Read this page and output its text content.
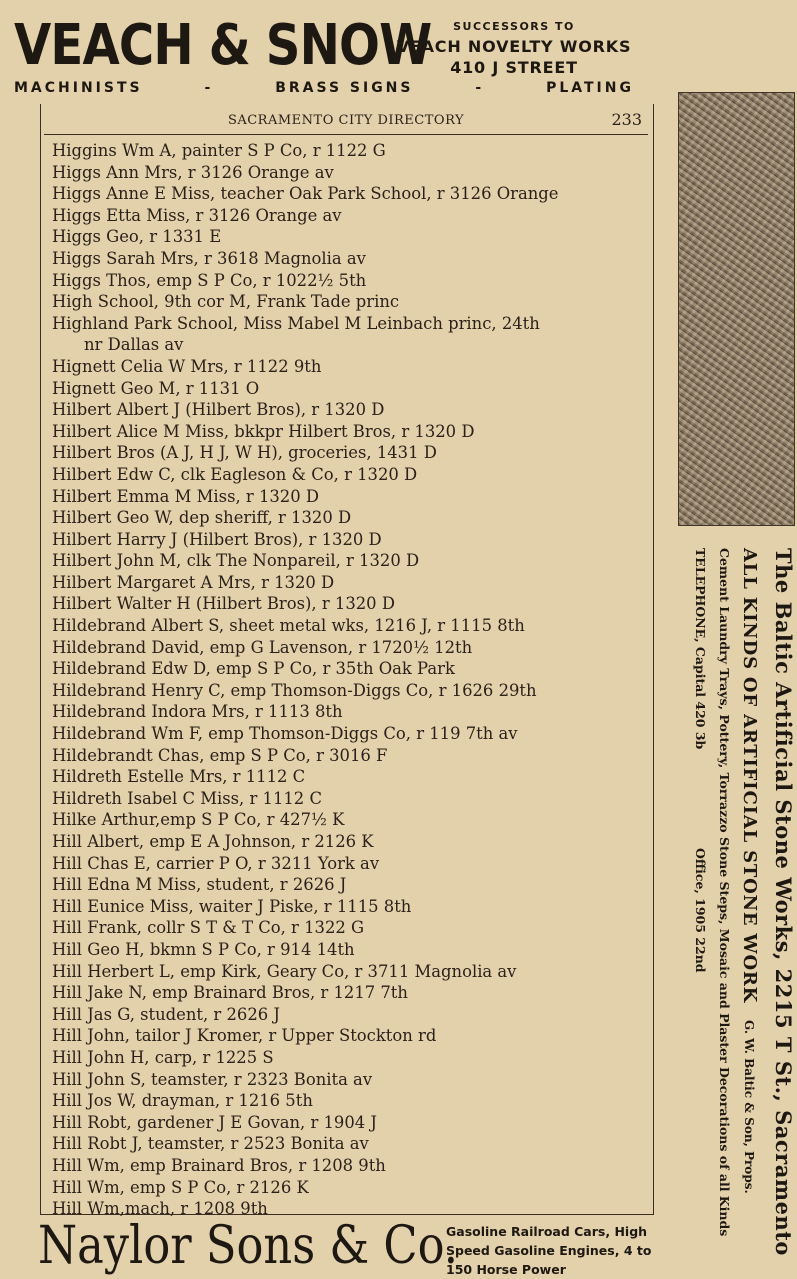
VEACH & SNOW	SUCCESSORS TO
VEACH NOVELTY WORKS
410 J STREET
MACHINISTS	-	BRASS SIGNS	-	PLATING
SACRAMENTO CITY DIRECTORY	233
Higgins Wm A, painter S P Co, r 1122 G
Higgs Ann Mrs, r 3126 Orange av
Higgs Anne E Miss, teacher Oak Park School, r 3126 Orange
Higgs Etta Miss, r 3126 Orange av
Higgs Geo, r 1331 E
Higgs Sarah Mrs, r 3618 Magnolia av
Higgs Thos, emp S P Co, r 1022½ 5th
High School, 9th cor M, Frank Tade princ
Highland Park School, Miss Mabel M Leinbach princ, 24th
nr Dallas av
Hignett Celia W Mrs, r 1122 9th
Hignett Geo M, r 1131 O
Hilbert Albert J (Hilbert Bros), r 1320 D
Hilbert Alice M Miss, bkkpr Hilbert Bros, r 1320 D
Hilbert Bros (A J, H J, W H), groceries, 1431 D
Hilbert Edw C, clk Eagleson & Co, r 1320 D
Hilbert Emma M Miss, r 1320 D
Hilbert Geo W, dep sheriff, r 1320 D
Hilbert Harry J (Hilbert Bros), r 1320 D
Hilbert John M, clk The Nonpareil, r 1320 D
Hilbert Margaret A Mrs, r 1320 D
Hilbert Walter H (Hilbert Bros), r 1320 D
Hildebrand Albert S, sheet metal wks, 1216 J, r 1115 8th
Hildebrand David, emp G Lavenson, r 1720½ 12th
Hildebrand Edw D, emp S P Co, r 35th Oak Park
Hildebrand Henry C, emp Thomson-Diggs Co, r 1626 29th
Hildebrand Indora Mrs, r 1113 8th
Hildebrand Wm F, emp Thomson-Diggs Co, r 119 7th av
Hildebrandt Chas, emp S P Co, r 3016 F
Hildreth Estelle Mrs, r 1112 C
Hildreth Isabel C Miss, r 1112 C
Hilke Arthur,emp S P Co, r 427½ K
Hill Albert, emp E A Johnson, r 2126 K
Hill Chas E, carrier P O, r 3211 York av
Hill Edna M Miss, student, r 2626 J
Hill Eunice Miss, waiter J Piske, r 1115 8th
Hill Frank, collr S T & T Co, r 1322 G
Hill Geo H, bkmn S P Co, r 914 14th
Hill Herbert L, emp Kirk, Geary Co, r 3711 Magnolia av
Hill Jake N, emp Brainard Bros, r 1217 7th
Hill Jas G, student, r 2626 J
Hill John, tailor J Kromer, r Upper Stockton rd
Hill John H, carp, r 1225 S
Hill John S, teamster, r 2323 Bonita av
Hill Jos W, drayman, r 1216 5th
Hill Robt, gardener J E Govan, r 1904 J
Hill Robt J, teamster, r 2523 Bonita av
Hill Wm, emp Brainard Bros, r 1208 9th
Hill Wm, emp S P Co, r 2126 K
Hill Wm,mach, r 1208 9th	The Baltic Artificial Stone Works, 2215 T St., Sacramento
ALL KINDS OF ARTIFICIAL STONE WORK
G. W. Baltic & Son, Props.
Cement Laundry Trays, Pottery, Torrazzo Stone Steps, Mosaic and Plaster Decorations of all Kinds
TELEPHONE, Capital 420 3b
Office, 1905 22nd
Naylor Sons & Co.
Gasoline Railroad Cars, High
Speed Gasoline Engines, 4 to
150 Horse Power
